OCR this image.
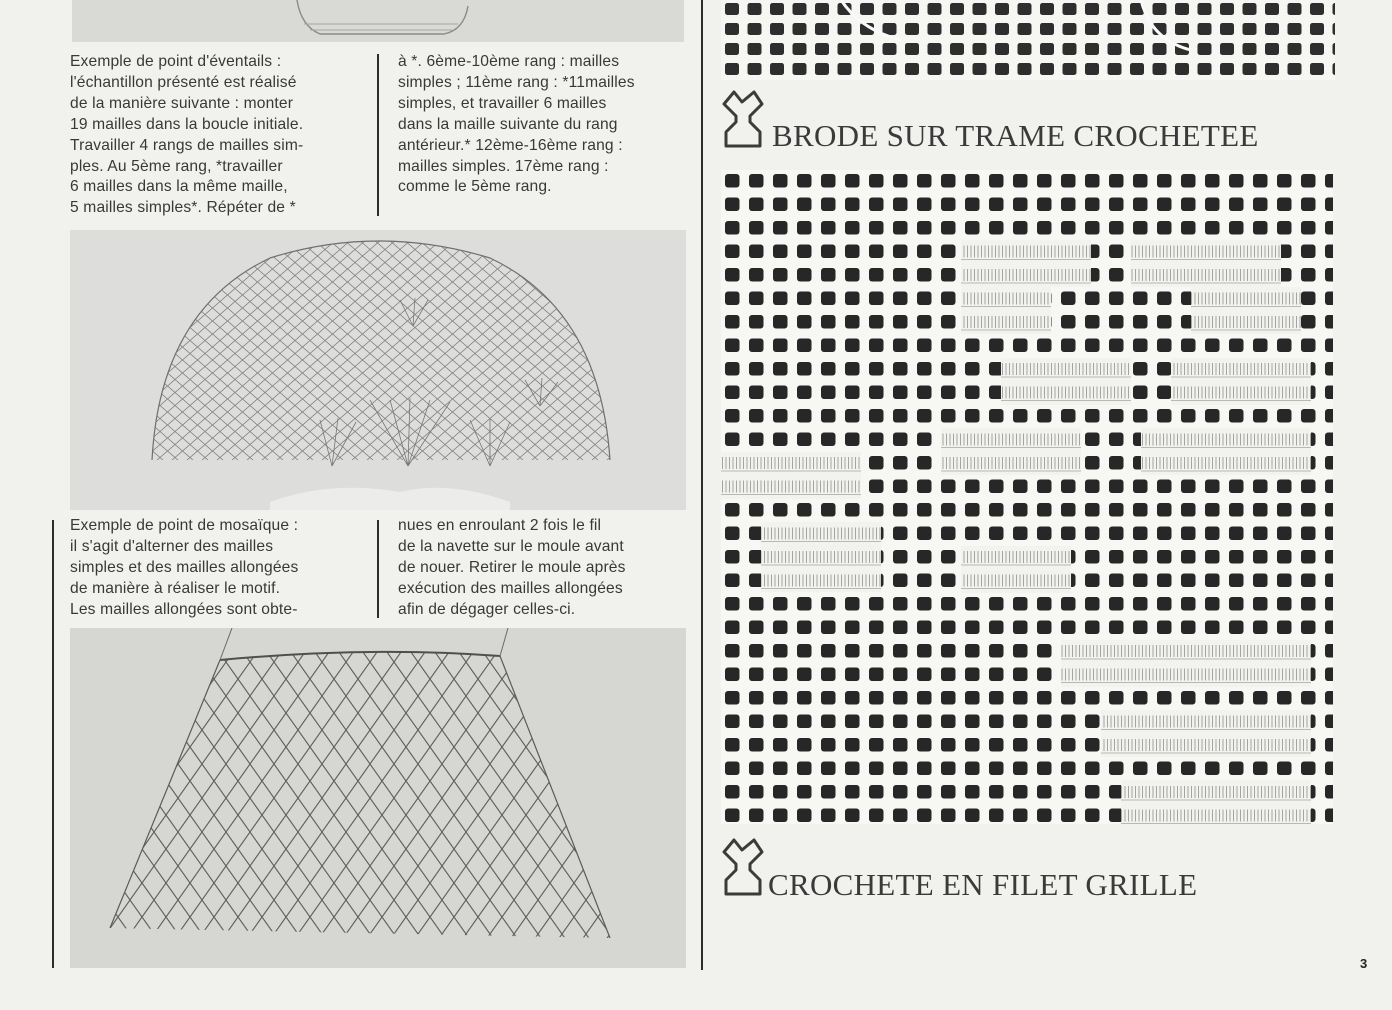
Exemple de point d'éventails :

l'échantillon présenté est réalisé

de la manière suivante : monter

19 mailles dans la boucle initiale.

Travailler 4 rangs de mailles sim-

ples. Au 5ème rang, *travailler

6 mailles dans la même maille,

5 mailles simples*. Répéter de *

à *. 6ème-10ème rang : mailles

simples ; 11ème rang : *11mailles

simples, et travailler 6 mailles

dans la maille suivante du rang

antérieur.* 12ème-16ème rang :

mailles simples. 17ème rang :

comme le 5ème rang.

Exemple de point de mosaïque :

il s'agit d'alterner des mailles

simples et des mailles allongées

de manière à réaliser le motif.

Les mailles allongées sont obte-

nues en enroulant 2 fois le fil

de la navette sur le moule avant

de nouer. Retirer le moule après

exécution des mailles allongées

afin de dégager celles-ci.

BRODE SUR TRAME CROCHETEE
CROCHETE EN FILET GRILLE
3
